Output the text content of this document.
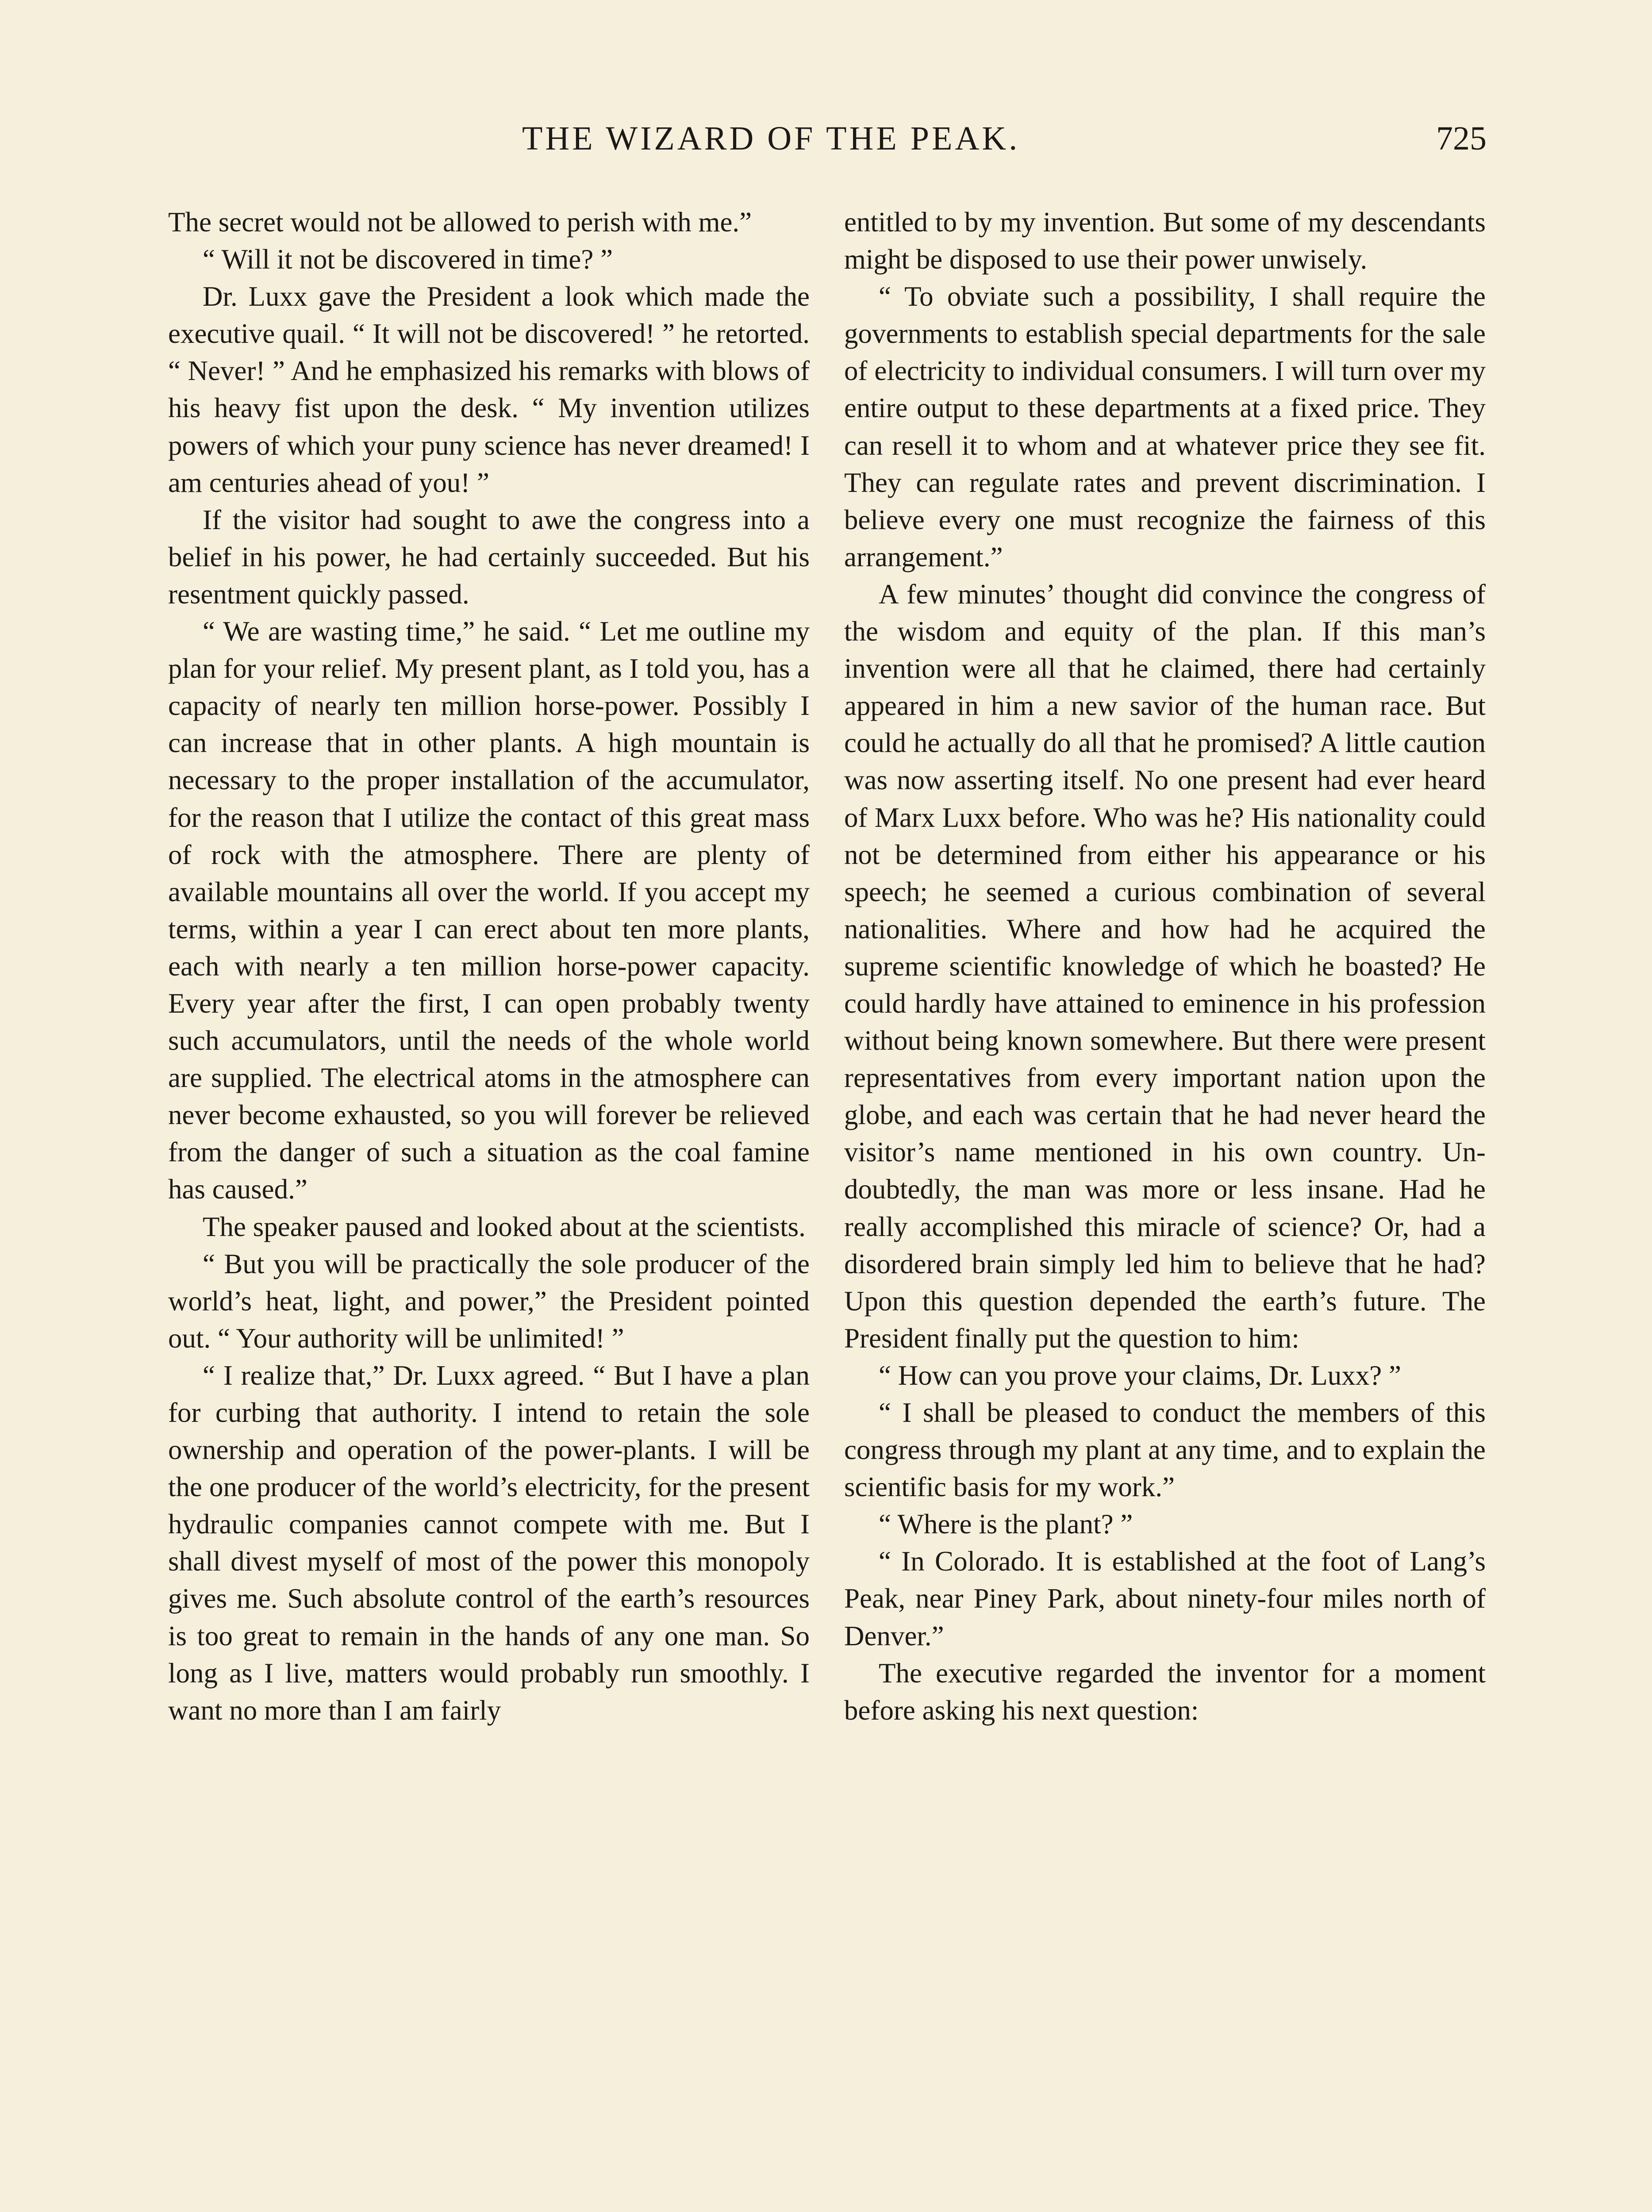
THE WIZARD OF THE PEAK.	725

The secret would not be allowed to perish with me.”

“ Will it not be discovered in time? ”

Dr. Luxx gave the President a look which made the executive quail. “ It will not be discovered! ” he retorted. “ Never! ” And he emphasized his remarks with blows of his heavy fist upon the desk. “ My invention utilizes powers of which your puny science has never dreamed! I am centuries ahead of you! ”

If the visitor had sought to awe the congress into a belief in his power, he had certainly succeeded. But his resentment quickly passed.

“ We are wasting time,” he said. “ Let me outline my plan for your relief. My present plant, as I told you, has a capacity of nearly ten million horse-power. Possibly I can increase that in other plants. A high mountain is necessary to the proper installation of the accumulator, for the reason that I utilize the contact of this great mass of rock with the atmosphere. There are plenty of available mountains all over the world. If you accept my terms, within a year I can erect about ten more plants, each with nearly a ten million horse-power capacity. Every year after the first, I can open probably twenty such accumulators, until the needs of the whole world are supplied. The electrical atoms in the atmosphere can never become exhausted, so you will forever be relieved from the danger of such a situation as the coal famine has caused.”

The speaker paused and looked about at the scientists.

“ But you will be practically the sole producer of the world’s heat, light, and power,” the President pointed out. “ Your authority will be unlimited! ”

“ I realize that,” Dr. Luxx agreed. “ But I have a plan for curbing that authority. I intend to retain the sole ownership and operation of the power-plants. I will be the one producer of the world’s electricity, for the present hydraulic companies cannot compete with me. But I shall divest myself of most of the power this monopoly gives me. Such absolute control of the earth’s resources is too great to remain in the hands of any one man. So long as I live, matters would probably run smoothly. I want no more than I am fairly

entitled to by my invention. But some of my descendants might be disposed to use their power unwisely.

“ To obviate such a possibility, I shall require the governments to establish special departments for the sale of electricity to individual consumers. I will turn over my entire output to these departments at a fixed price. They can resell it to whom and at whatever price they see fit. They can regulate rates and prevent discrimination. I believe every one must recognize the fairness of this arrangement.”

A few minutes’ thought did convince the congress of the wisdom and equity of the plan. If this man’s invention were all that he claimed, there had certainly appeared in him a new savior of the human race. But could he actually do all that he promised? A little caution was now asserting itself. No one present had ever heard of Marx Luxx before. Who was he? His nationality could not be determined from either his appearance or his speech; he seemed a curious combination of several nationalities. Where and how had he acquired the supreme scientific knowledge of which he boasted? He could hardly have attained to eminence in his profession without being known somewhere. But there were present representatives from every important nation upon the globe, and each was certain that he had never heard the visitor’s name mentioned in his own country. Undoubtedly, the man was more or less insane. Had he really accomplished this miracle of science? Or, had a disordered brain simply led him to believe that he had? Upon this question depended the earth’s future. The President finally put the question to him:

“ How can you prove your claims, Dr. Luxx? ”

“ I shall be pleased to conduct the members of this congress through my plant at any time, and to explain the scientific basis for my work.”

“ Where is the plant? ”

“ In Colorado. It is established at the foot of Lang’s Peak, near Piney Park, about ninety-four miles north of Denver.”

The executive regarded the inventor for a moment before asking his next question:
